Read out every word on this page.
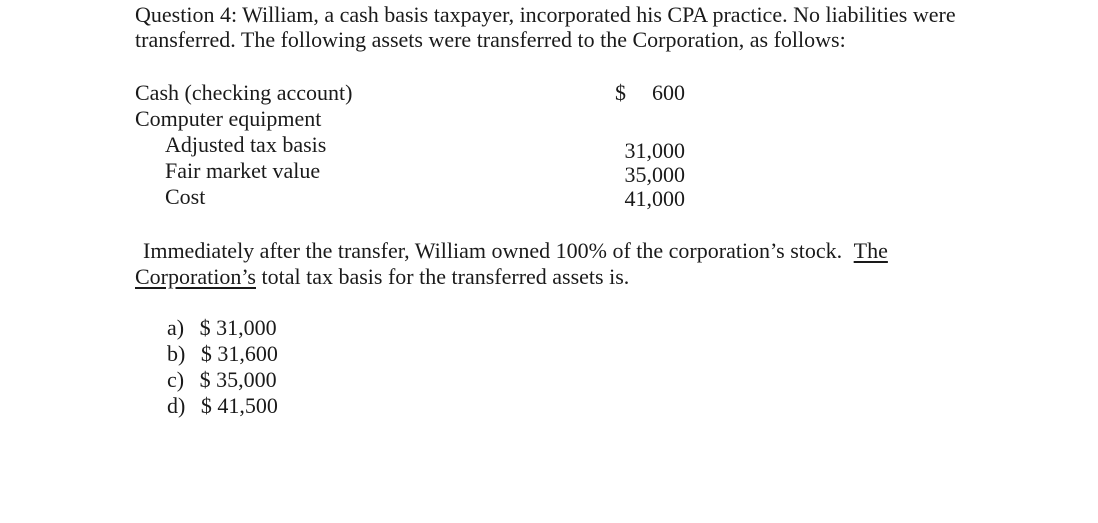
Question 4: William, a cash basis taxpayer, incorporated his CPA practice. No liabilities were
transferred. The following assets were transferred to the Corporation, as follows:
Cash (checking account)	$	600
Computer equipment
Adjusted tax basis	31,000
Fair market value	35,000
Cost	41,000
Immediately after the transfer, William owned 100% of the corporation’s stock. The
Corporation’s total tax basis for the transferred assets is.
a) $ 31,000
b) $ 31,600
c) $ 35,000
d) $ 41,500
